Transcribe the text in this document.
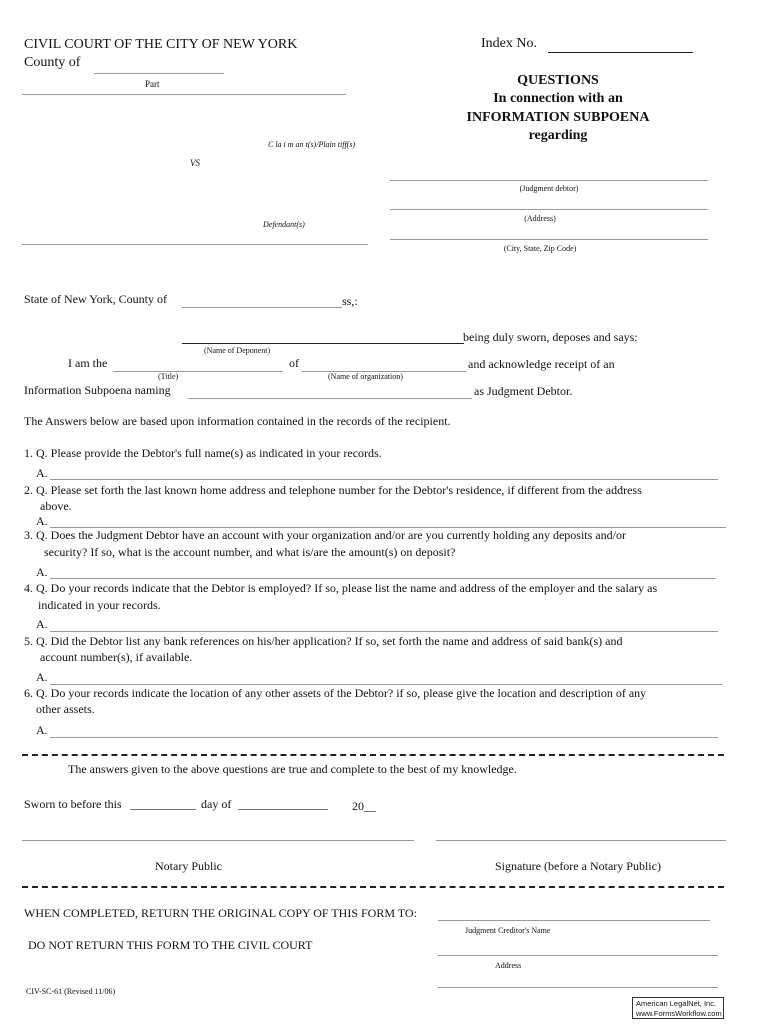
CIVIL COURT OF THE CITY OF NEW YORK
County of
Part
Index No.
QUESTIONS
In connection with an
INFORMATION SUBPOENA
regarding
C la i m an t(s)/Plain tiff(s)
VS
(Judgment debtor)
(Address)
Defendant(s)
(City, State, Zip Code)
State of New York, County of	ss,:
being duly sworn, deposes and says:
(Name of Deponent)
I am the	of	and acknowledge receipt of an
(Title)	(Name of organization)
Information Subpoena naming	as Judgment Debtor.
The Answers below are based upon information contained in the records of the recipient.
1. Q. Please provide the Debtor's full name(s) as indicated in your records.
A.
2. Q. Please set forth the last known home address and telephone number for the Debtor's residence, if different from the address
above.
A.
3. Q. Does the Judgment Debtor have an account with your organization and/or are you currently holding any deposits and/or
security? If so, what is the account number, and what is/are the amount(s) on deposit?
A.
4. Q. Do your records indicate that the Debtor is employed? If so, please list the name and address of the employer and the salary as
indicated in your records.
A.
5. Q. Did the Debtor list any bank references on his/her application? If so, set forth the name and address of said bank(s) and
account number(s), if available.
A.
6. Q. Do your records indicate the location of any other assets of the Debtor? if so, please give the location and description of any
other assets.
A.
The answers given to the above questions are true and complete to the best of my knowledge.
Sworn to before this ___________ day of _______________ 20__
Notary Public	Signature (before a Notary Public)
WHEN COMPLETED, RETURN THE ORIGINAL COPY OF THIS FORM TO:
Judgment Creditor's Name
DO NOT RETURN THIS FORM TO THE CIVIL COURT
Address
CIV-SC-61 (Revised 11/06)
American LegalNet, Inc.
www.FormsWorkflow.com
